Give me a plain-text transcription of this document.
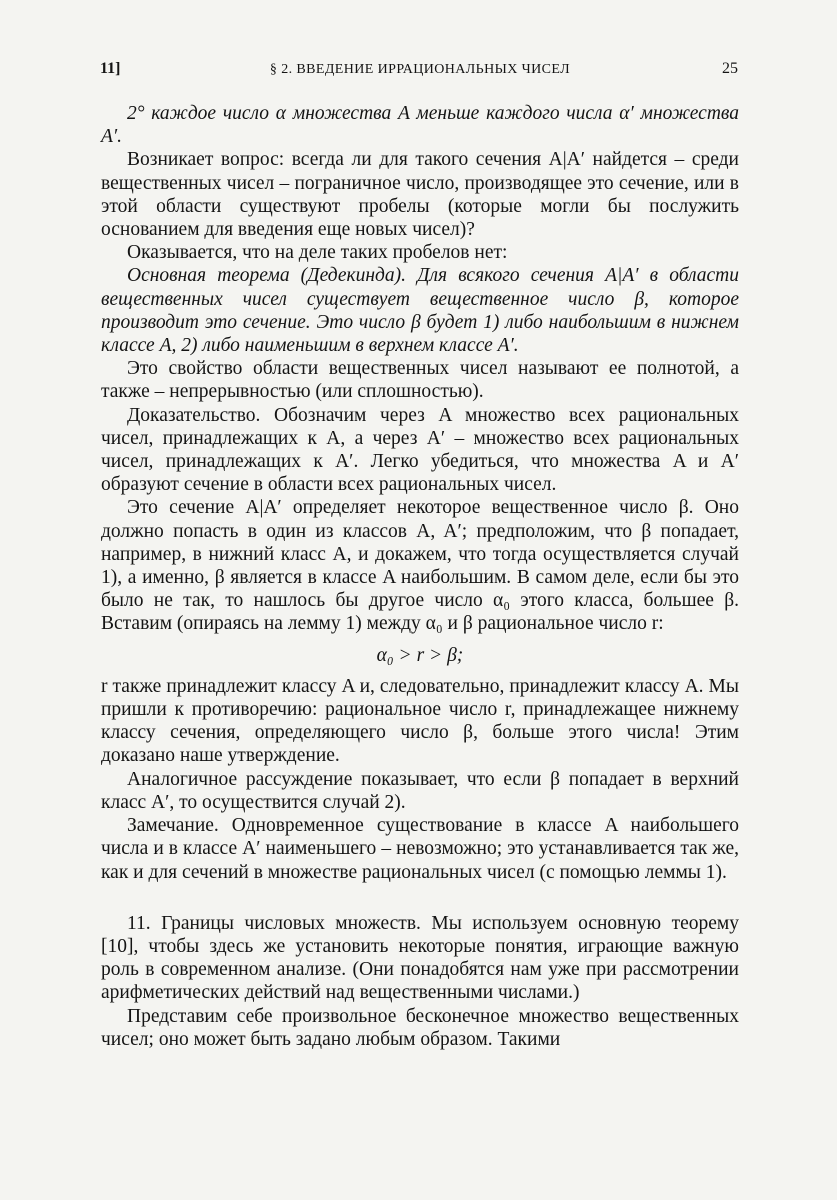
11]	§ 2. ВВЕДЕНИЕ ИРРАЦИОНАЛЬНЫХ ЧИСЕЛ	25

2° каждое число α множества A меньше каждого числа α′ множества A′.

Возникает вопрос: всегда ли для такого сечения A|A′ найдется – среди вещественных чисел – пограничное число, производящее это сечение, или в этой области существуют пробелы (которые могли бы послужить основанием для введения еще новых чисел)?

Оказывается, что на деле таких пробелов нет:

Основная теорема (Дедекинда). Для всякого сечения A|A′ в области вещественных чисел существует вещественное число β, которое производит это сечение. Это число β будет 1) либо наибольшим в нижнем классе A, 2) либо наименьшим в верхнем классе A′.

Это свойство области вещественных чисел называют ее полнотой, а также – непрерывностью (или сплошностью).

Доказательство. Обозначим через A множество всех рациональных чисел, принадлежащих к A, а через A′ – множество всех рациональных чисел, принадлежащих к A′. Легко убедиться, что множества A и A′ образуют сечение в области всех рациональных чисел.

Это сечение A|A′ определяет некоторое вещественное число β. Оно должно попасть в один из классов A, A′; предположим, что β попадает, например, в нижний класс A, и докажем, что тогда осуществляется случай 1), а именно, β является в классе A наибольшим. В самом деле, если бы это было не так, то нашлось бы другое число α₀ этого класса, большее β. Вставим (опираясь на лемму 1) между α₀ и β рациональное число r:

α₀ > r > β;

r также принадлежит классу A и, следовательно, принадлежит классу A. Мы пришли к противоречию: рациональное число r, принадлежащее нижнему классу сечения, определяющего число β, больше этого числа! Этим доказано наше утверждение.

Аналогичное рассуждение показывает, что если β попадает в верхний класс A′, то осуществится случай 2).

Замечание. Одновременное существование в классе A наибольшего числа и в классе A′ наименьшего – невозможно; это устанавливается так же, как и для сечений в множестве рациональных чисел (с помощью леммы 1).

11. Границы числовых множеств. Мы используем основную теорему [10], чтобы здесь же установить некоторые понятия, играющие важную роль в современном анализе. (Они понадобятся нам уже при рассмотрении арифметических действий над вещественными числами.)

Представим себе произвольное бесконечное множество вещественных чисел; оно может быть задано любым образом. Такими
